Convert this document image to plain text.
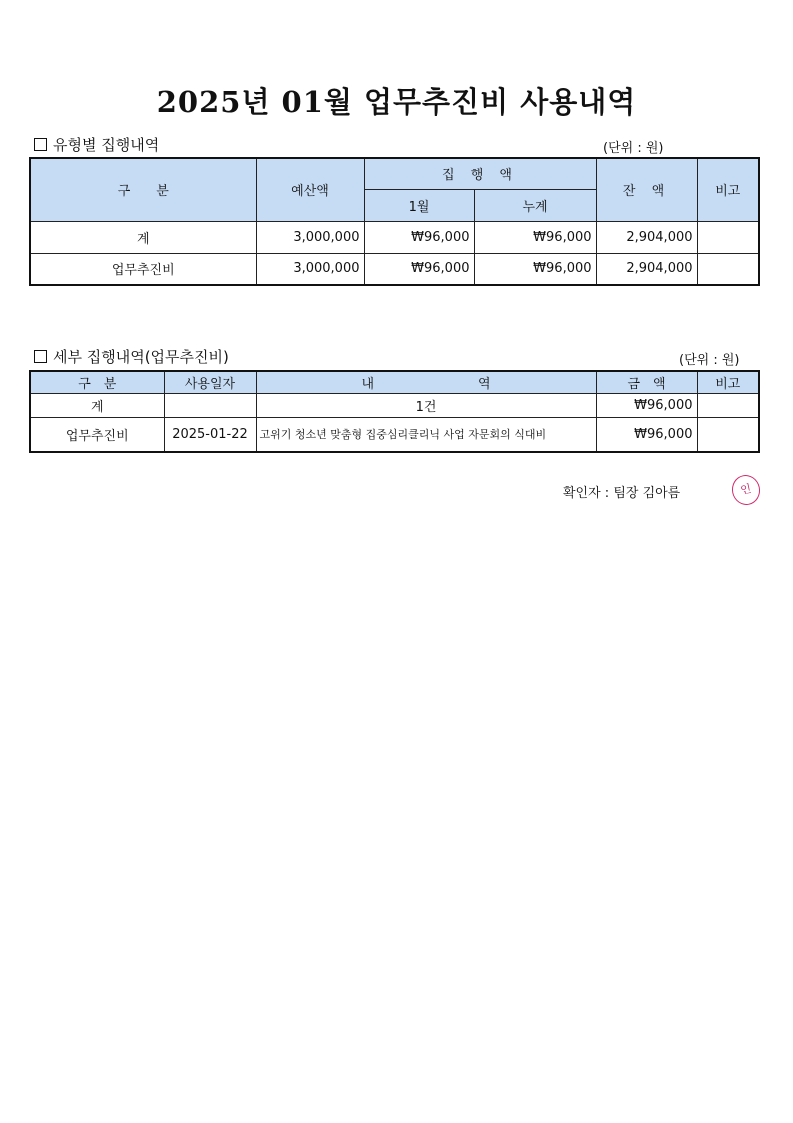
2025년 01월 업무추진비 사용내역
유형별 집행내역	(단위 : 원)
구　　분	예산액	집 행 액		잔 액	비고
		1월	누계		
계	3,000,000	₩96,000	₩96,000	2,904,000	
업무추진비	3,000,000	₩96,000	₩96,000	2,904,000	
세부 집행내역(업무추진비)	(단위 : 원)
구　분	사용일자	내　　　　　　　　역	금　액	비고
계		1건	₩96,000	
업무추진비	2025-01-22	고위기 청소년 맞춤형 집중심리클리닉 사업 자문회의 식대비	₩96,000	
확인자 : 팀장 김아름	인
